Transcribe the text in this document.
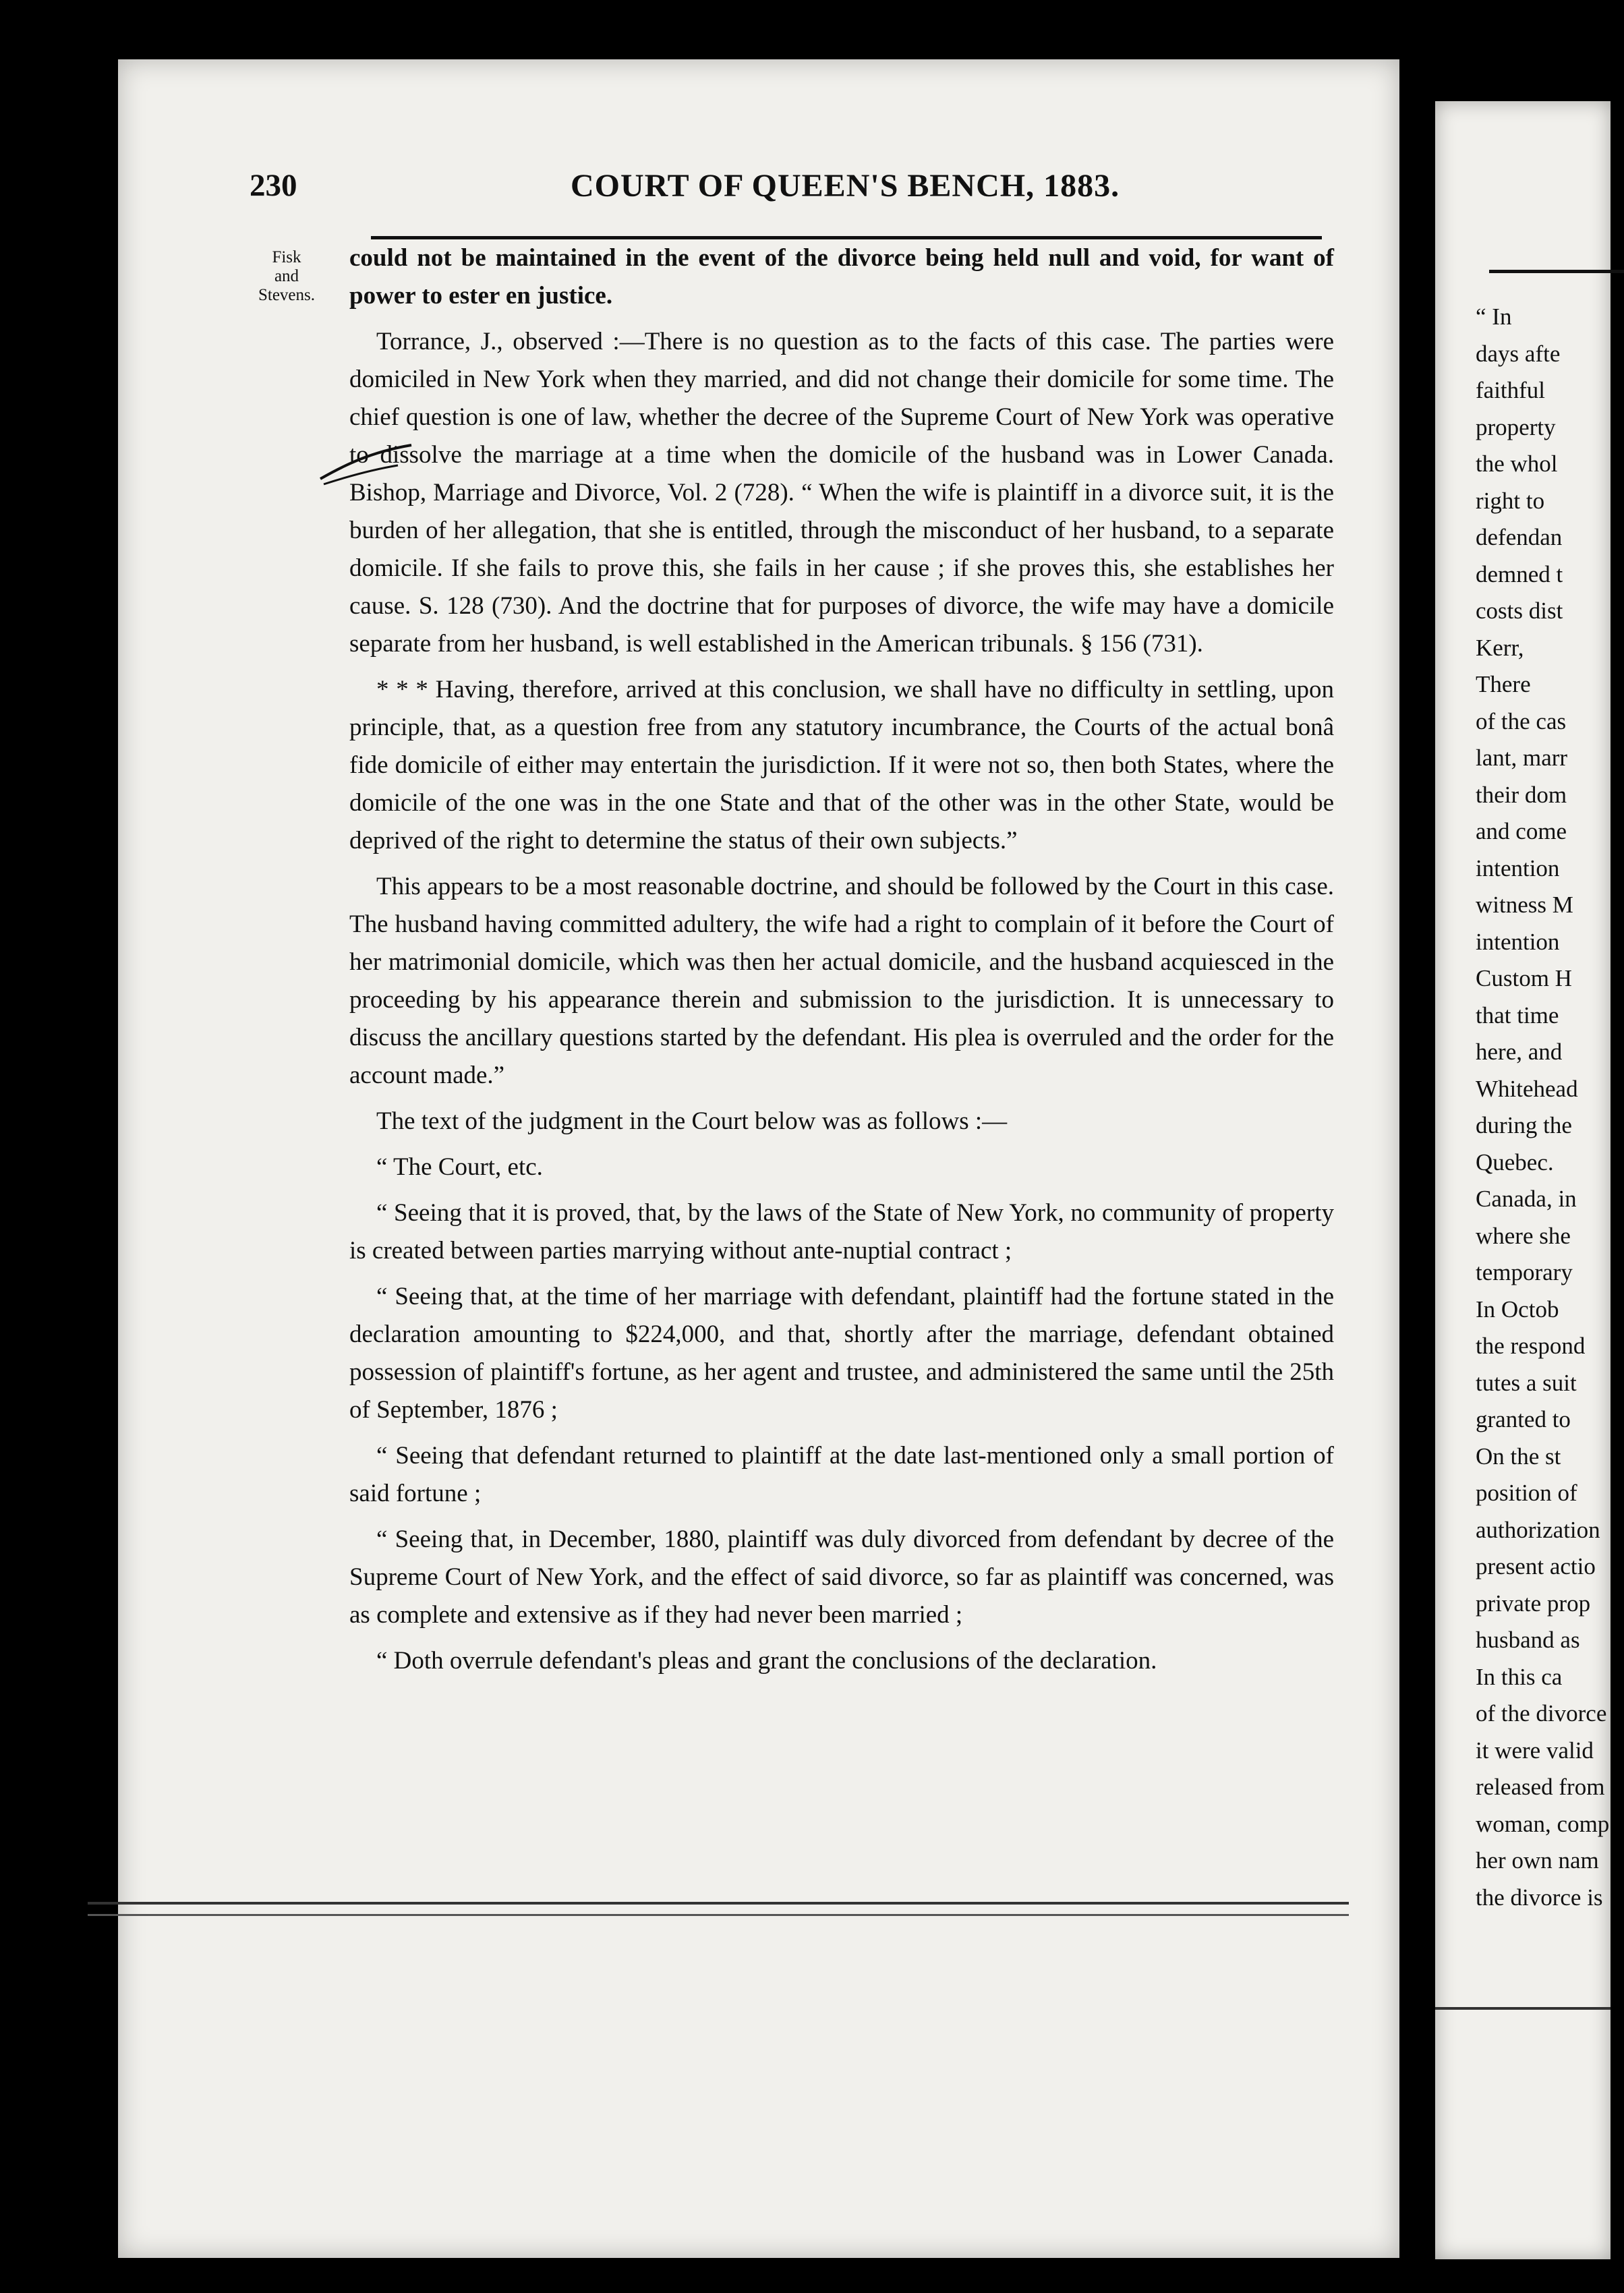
“ In
days afte
faithful
property
the whol
right to
defendan
demned t
costs dist
Kerr,
There
of the cas
lant, marr
their dom
and come
intention
witness M
intention
Custom H
that time
here, and
Whitehead
during the
Quebec.
Canada, in
where she
temporary
In Octob
the respond
tutes a suit
granted to
On the st
position of
authorization
present actio
private prop
husband as
In this ca
of the divorce
it were valid
released from
woman, comp
her own nam
the divorce is
230	COURT OF QUEEN'S BENCH, 1883.
Fisk
and
Stevens.

could not be maintained in the event of the divorce being held null and void, for want of power to ester en justice.

Torrance, J., observed :—There is no question as to the facts of this case. The parties were domiciled in New York when they married, and did not change their domicile for some time. The chief question is one of law, whether the decree of the Supreme Court of New York was operative to dissolve the marriage at a time when the domicile of the husband was in Lower Canada. Bishop, Marriage and Divorce, Vol. 2 (728). “ When the wife is plaintiff in a divorce suit, it is the burden of her allegation, that she is entitled, through the misconduct of her husband, to a separate domicile. If she fails to prove this, she fails in her cause ; if she proves this, she establishes her cause. S. 128 (730). And the doctrine that for purposes of divorce, the wife may have a domicile separate from her husband, is well established in the American tribunals. § 156 (731).

* * * Having, therefore, arrived at this conclusion, we shall have no difficulty in settling, upon principle, that, as a question free from any statutory incumbrance, the Courts of the actual bonâ fide domicile of either may entertain the jurisdiction. If it were not so, then both States, where the domicile of the one was in the one State and that of the other was in the other State, would be deprived of the right to determine the status of their own subjects.”

This appears to be a most reasonable doctrine, and should be followed by the Court in this case. The husband having committed adultery, the wife had a right to complain of it before the Court of her matrimonial domicile, which was then her actual domicile, and the husband acquiesced in the proceeding by his appearance therein and submission to the jurisdiction. It is unnecessary to discuss the ancillary questions started by the defendant. His plea is overruled and the order for the account made.”

The text of the judgment in the Court below was as follows :—

“ The Court, etc.

“ Seeing that it is proved, that, by the laws of the State of New York, no community of property is created between parties marrying without ante-nuptial contract ;

“ Seeing that, at the time of her marriage with defendant, plaintiff had the fortune stated in the declaration amounting to $224,000, and that, shortly after the marriage, defendant obtained possession of plaintiff's fortune, as her agent and trustee, and administered the same until the 25th of September, 1876 ;

“ Seeing that defendant returned to plaintiff at the date last-mentioned only a small portion of said fortune ;

“ Seeing that, in December, 1880, plaintiff was duly divorced from defendant by decree of the Supreme Court of New York, and the effect of said divorce, so far as plaintiff was concerned, was as complete and extensive as if they had never been married ;

“ Doth overrule defendant's pleas and grant the conclusions of the declaration.
